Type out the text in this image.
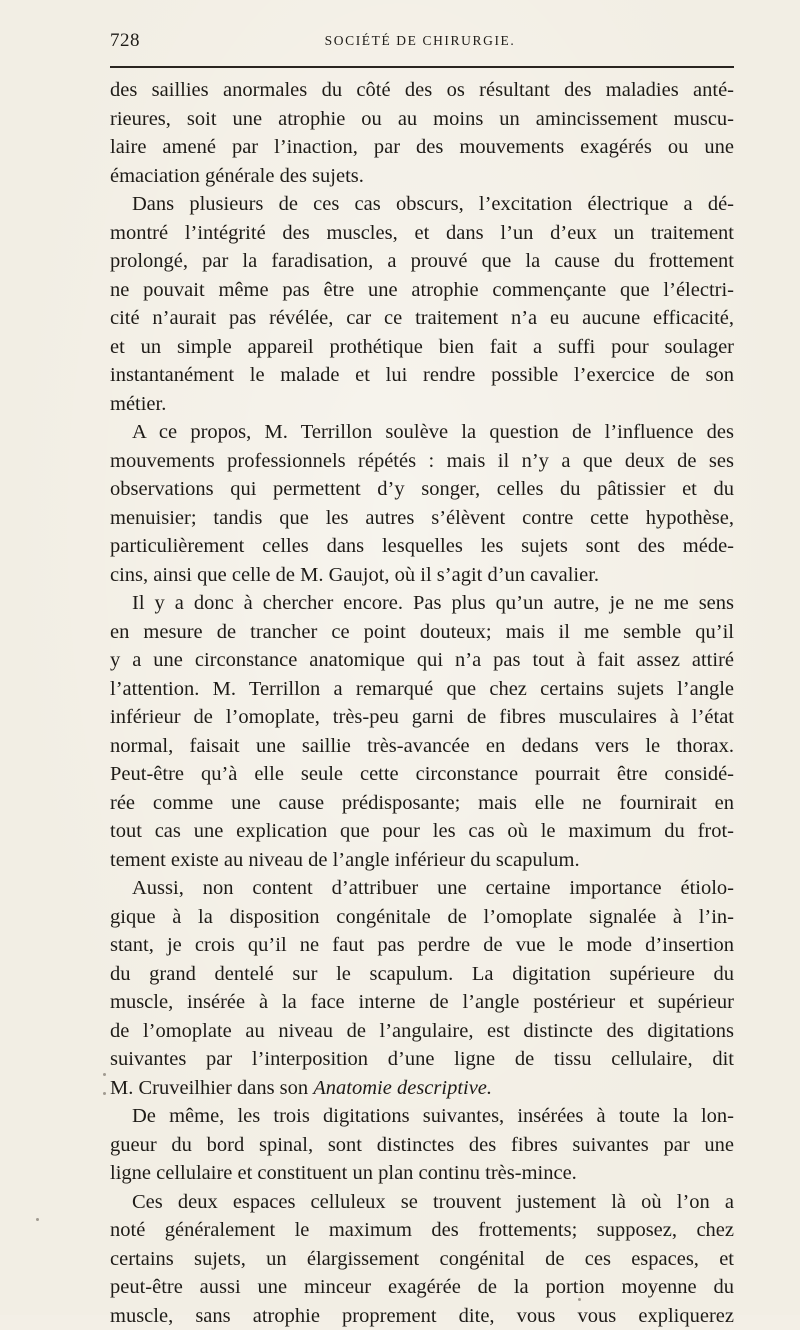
728	SOCIÉTÉ DE CHIRURGIE.
des saillies anormales du côté des os résultant des maladies anté-
rieures, soit une atrophie ou au moins un amincissement muscu-
laire amené par l’inaction, par des mouvements exagérés ou une
émaciation générale des sujets.
Dans plusieurs de ces cas obscurs, l’excitation électrique a dé-
montré l’intégrité des muscles, et dans l’un d’eux un traitement
prolongé, par la faradisation, a prouvé que la cause du frottement
ne pouvait même pas être une atrophie commençante que l’électri-
cité n’aurait pas révélée, car ce traitement n’a eu aucune efficacité,
et un simple appareil prothétique bien fait a suffi pour soulager
instantanément le malade et lui rendre possible l’exercice de son
métier.
A ce propos, M. Terrillon soulève la question de l’influence des
mouvements professionnels répétés : mais il n’y a que deux de ses
observations qui permettent d’y songer, celles du pâtissier et du
menuisier; tandis que les autres s’élèvent contre cette hypothèse,
particulièrement celles dans lesquelles les sujets sont des méde-
cins, ainsi que celle de M. Gaujot, où il s’agit d’un cavalier.
Il y a donc à chercher encore. Pas plus qu’un autre, je ne me sens
en mesure de trancher ce point douteux; mais il me semble qu’il
y a une circonstance anatomique qui n’a pas tout à fait assez attiré
l’attention. M. Terrillon a remarqué que chez certains sujets l’angle
inférieur de l’omoplate, très-peu garni de fibres musculaires à l’état
normal, faisait une saillie très-avancée en dedans vers le thorax.
Peut-être qu’à elle seule cette circonstance pourrait être considé-
rée comme une cause prédisposante; mais elle ne fournirait en
tout cas une explication que pour les cas où le maximum du frot-
tement existe au niveau de l’angle inférieur du scapulum.
Aussi, non content d’attribuer une certaine importance étiolo-
gique à la disposition congénitale de l’omoplate signalée à l’in-
stant, je crois qu’il ne faut pas perdre de vue le mode d’insertion
du grand dentelé sur le scapulum. La digitation supérieure du
muscle, insérée à la face interne de l’angle postérieur et supérieur
de l’omoplate au niveau de l’angulaire, est distincte des digitations
suivantes par l’interposition d’une ligne de tissu cellulaire, dit
M. Cruveilhier dans son Anatomie descriptive.
De même, les trois digitations suivantes, insérées à toute la lon-
gueur du bord spinal, sont distinctes des fibres suivantes par une
ligne cellulaire et constituent un plan continu très-mince.
Ces deux espaces celluleux se trouvent justement là où l’on a
noté généralement le maximum des frottements; supposez, chez
certains sujets, un élargissement congénital de ces espaces, et
peut-être aussi une minceur exagérée de la portion moyenne du
muscle, sans atrophie proprement dite, vous vous expliquerez
